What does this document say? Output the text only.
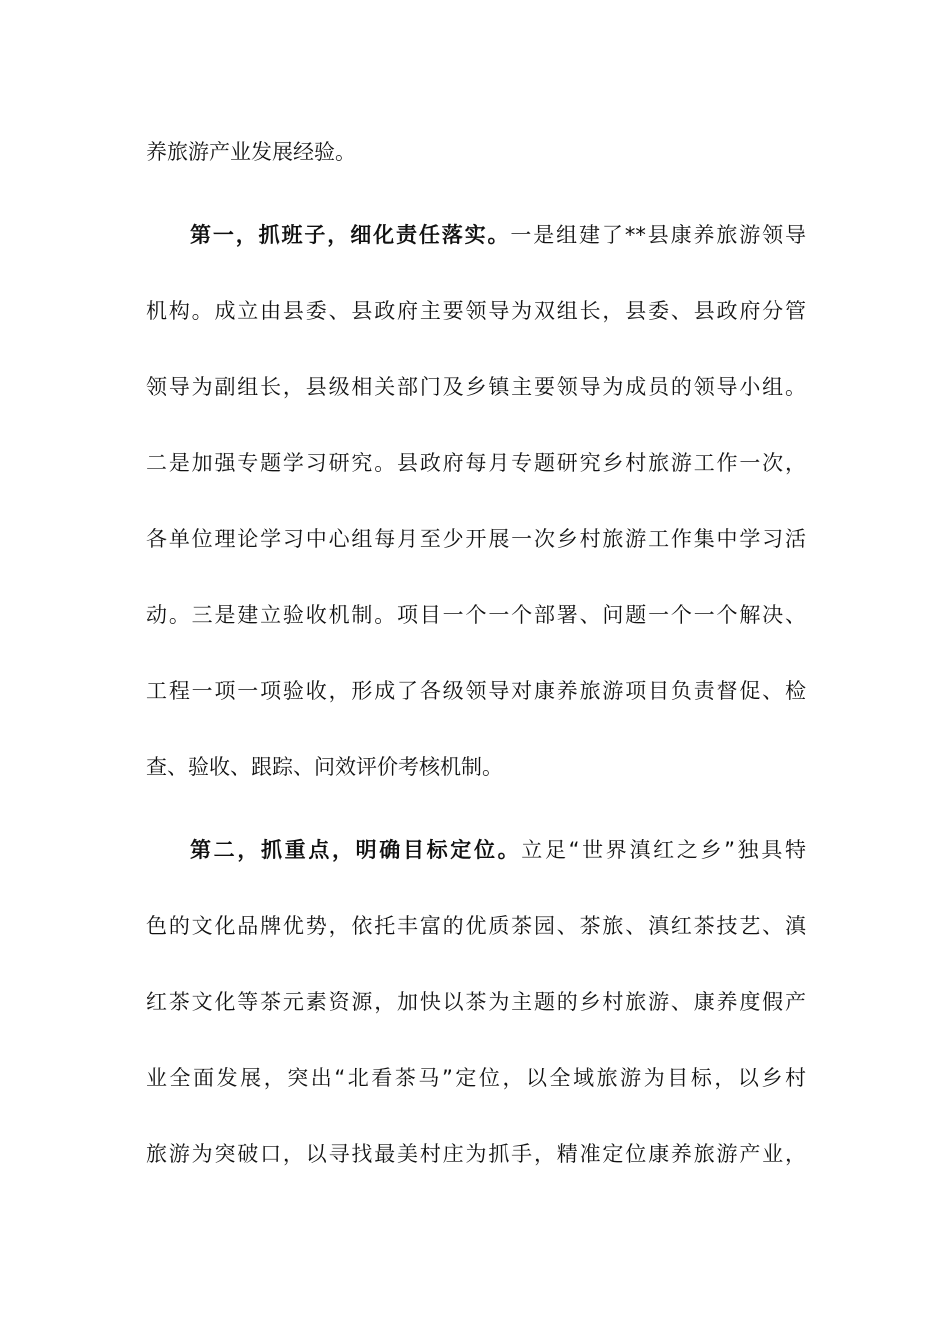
养旅游产业发展经验。
第一，抓班子，细化责任落实。一是组建了**县康养旅游领导
机构。成立由县委、县政府主要领导为双组长，县委、县政府分管
领导为副组长，县级相关部门及乡镇主要领导为成员的领导小组。
二是加强专题学习研究。县政府每月专题研究乡村旅游工作一次，
各单位理论学习中心组每月至少开展一次乡村旅游工作集中学习活
动。三是建立验收机制。项目一个一个部署、问题一个一个解决、
工程一项一项验收，形成了各级领导对康养旅游项目负责督促、检
查、验收、跟踪、问效评价考核机制。
第二，抓重点，明确目标定位。立足“世界滇红之乡”独具特
色的文化品牌优势，依托丰富的优质茶园、茶旅、滇红茶技艺、滇
红茶文化等茶元素资源，加快以茶为主题的乡村旅游、康养度假产
业全面发展，突出“北看茶马”定位，以全域旅游为目标，以乡村
旅游为突破口，以寻找最美村庄为抓手，精准定位康养旅游产业，
